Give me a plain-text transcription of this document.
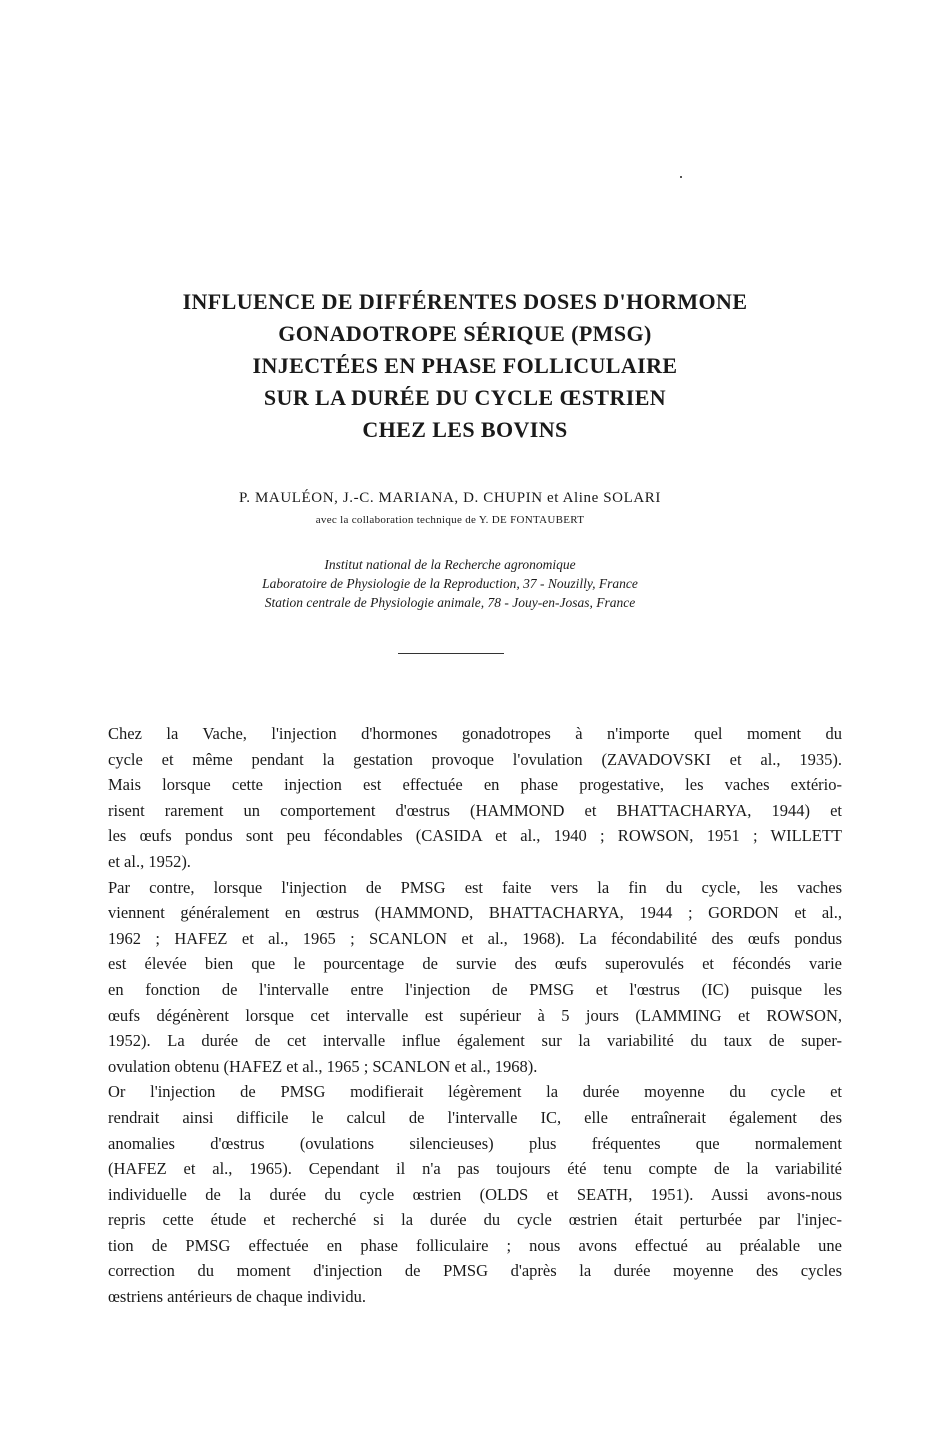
INFLUENCE DE DIFFÉRENTES DOSES D'HORMONE
GONADOTROPE SÉRIQUE (PMSG)
INJECTÉES EN PHASE FOLLICULAIRE
SUR LA DURÉE DU CYCLE ŒSTRIEN
CHEZ LES BOVINS
P. MAULÉON, J.-C. MARIANA, D. CHUPIN et Aline SOLARI
avec la collaboration technique de Y. DE FONTAUBERT
Institut national de la Recherche agronomique
Laboratoire de Physiologie de la Reproduction, 37 - Nouzilly, France
Station centrale de Physiologie animale, 78 - Jouy-en-Josas, France
Chez la Vache, l'injection d'hormones gonadotropes à n'importe quel moment du
cycle et même pendant la gestation provoque l'ovulation (ZAVADOVSKI et al., 1935).
Mais lorsque cette injection est effectuée en phase progestative, les vaches extério-
risent rarement un comportement d'œstrus (HAMMOND et BHATTACHARYA, 1944) et
les œufs pondus sont peu fécondables (CASIDA et al., 1940 ; ROWSON, 1951 ; WILLETT
et al., 1952).
Par contre, lorsque l'injection de PMSG est faite vers la fin du cycle, les vaches
viennent généralement en œstrus (HAMMOND, BHATTACHARYA, 1944 ; GORDON et al.,
1962 ; HAFEZ et al., 1965 ; SCANLON et al., 1968). La fécondabilité des œufs pondus
est élevée bien que le pourcentage de survie des œufs superovulés et fécondés varie
en fonction de l'intervalle entre l'injection de PMSG et l'œstrus (IC) puisque les
œufs dégénèrent lorsque cet intervalle est supérieur à 5 jours (LAMMING et ROWSON,
1952). La durée de cet intervalle influe également sur la variabilité du taux de super-
ovulation obtenu (HAFEZ et al., 1965 ; SCANLON et al., 1968).
Or l'injection de PMSG modifierait légèrement la durée moyenne du cycle et
rendrait ainsi difficile le calcul de l'intervalle IC, elle entraînerait également des
anomalies d'œstrus (ovulations silencieuses) plus fréquentes que normalement
(HAFEZ et al., 1965). Cependant il n'a pas toujours été tenu compte de la variabilité
individuelle de la durée du cycle œstrien (OLDS et SEATH, 1951). Aussi avons-nous
repris cette étude et recherché si la durée du cycle œstrien était perturbée par l'injec-
tion de PMSG effectuée en phase folliculaire ; nous avons effectué au préalable une
correction du moment d'injection de PMSG d'après la durée moyenne des cycles
œstriens antérieurs de chaque individu.
